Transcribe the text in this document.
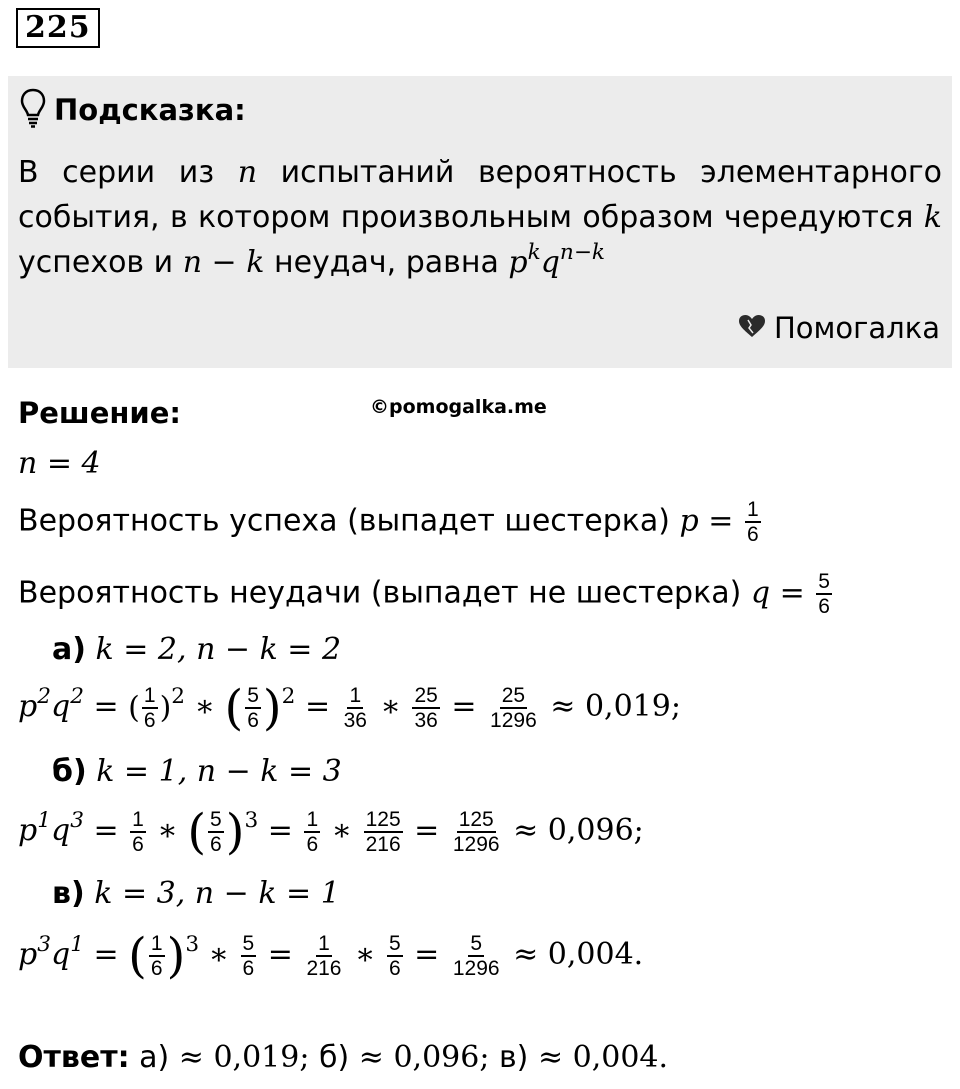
225
Подсказка:
В серии из n испытаний вероятность элементарного события, в котором произвольным образом чередуются k успехов и n − k неудач, равна $p^kq^{n-k}$
Помогалка
Решение:	©pomogalka.me
n = 4
Вероятность успеха (выпадет шестерка) $p = \frac{1}{6}$
Вероятность неудачи (выпадет не шестерка) $q = \frac{5}{6}$
а) k = 2, n − k = 2
$p^2q^2$ = ( $\frac{1}{6} )^2$ ∗ ( $\frac{5}{6} )^2 = \frac{1}{36}$ ∗ $\frac{25}{36} = \frac{25}{1296} \approx 0,019$;
б) k = 1, n − k = 3
$p^1q^3 = \frac{1}{6}$ ∗ ( $\frac{5}{6} )^3 = \frac{1}{6}$ ∗ $\frac{125}{216} = \frac{125}{1296} \approx 0,096$;
в) k = 3, n − k = 1
$p^3q^1$ = ( $\frac{1}{6} )^3$ ∗ $\frac{5}{6} = \frac{1}{216}$ ∗ $\frac{5}{6} = \frac{5}{1296} \approx 0,004$.
Ответ: а) ≈ 0,019; б) ≈ 0,096; в) ≈ 0,004.
